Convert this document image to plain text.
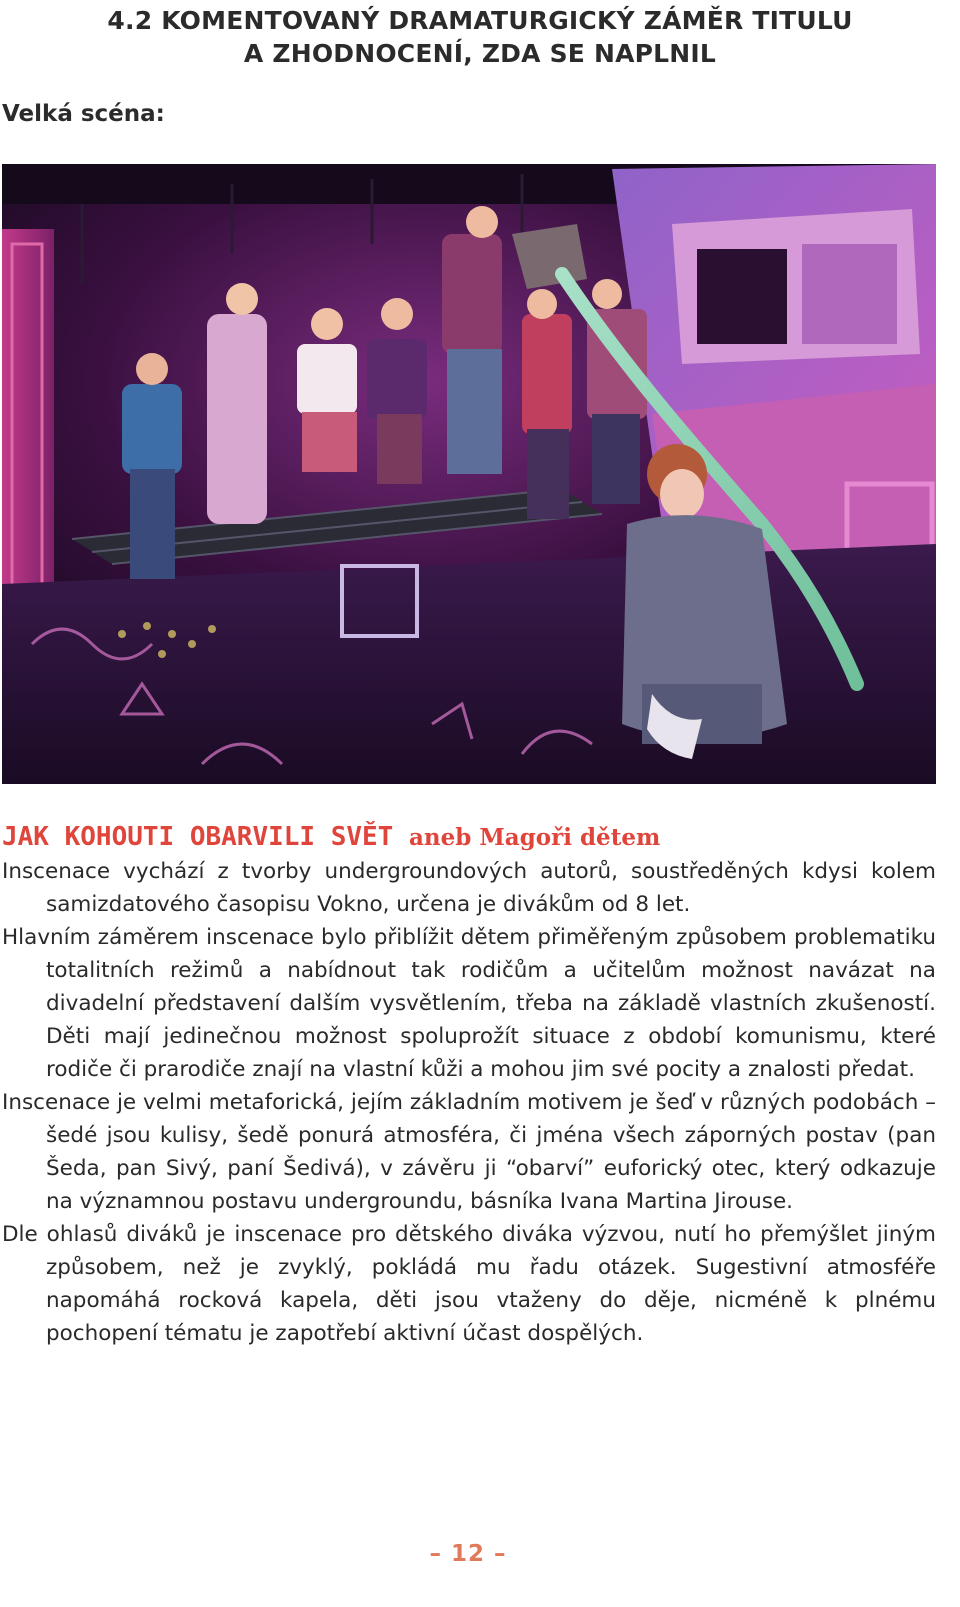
4.2 KOMENTOVANÝ DRAMATURGICKÝ ZÁMĚR TITULU
A ZHODNOCENÍ, ZDA SE NAPLNIL
Velká scéna:
JAK KOHOUTI OBARVILI SVĚT aneb Magoři dětem

Inscenace vychází z tvorby undergroundových autorů, soustředěných kdysi kolem samizdatového časopisu Vokno, určena je divákům od 8 let.

Hlavním záměrem inscenace bylo přiblížit dětem přiměřeným způsobem problematiku totalitních režimů a nabídnout tak rodičům a učitelům možnost navázat na divadelní představení dalším vysvětlením, třeba na základě vlastních zkušeností. Děti mají jedinečnou možnost spoluprožít situace z období komunismu, které rodiče či prarodiče znají na vlastní kůži a mohou jim své pocity a znalosti předat.

Inscenace je velmi metaforická, jejím základním motivem je šeď v různých podobách – šedé jsou kulisy, šedě ponurá atmosféra, či jména všech záporných postav (pan Šeda, pan Sivý, paní Šedivá), v závěru ji “obarví” euforický otec, který odkazuje na významnou postavu undergroundu, básníka Ivana Martina Jirouse.

Dle ohlasů diváků je inscenace pro dětského diváka výzvou, nutí ho přemýšlet jiným způsobem, než je zvyklý, pokládá mu řadu otázek. Sugestivní atmosféře napomáhá rocková kapela, děti jsou vtaženy do děje, nicméně k plnému pochopení tématu je zapotřebí aktivní účast dospělých.

– 12 –
